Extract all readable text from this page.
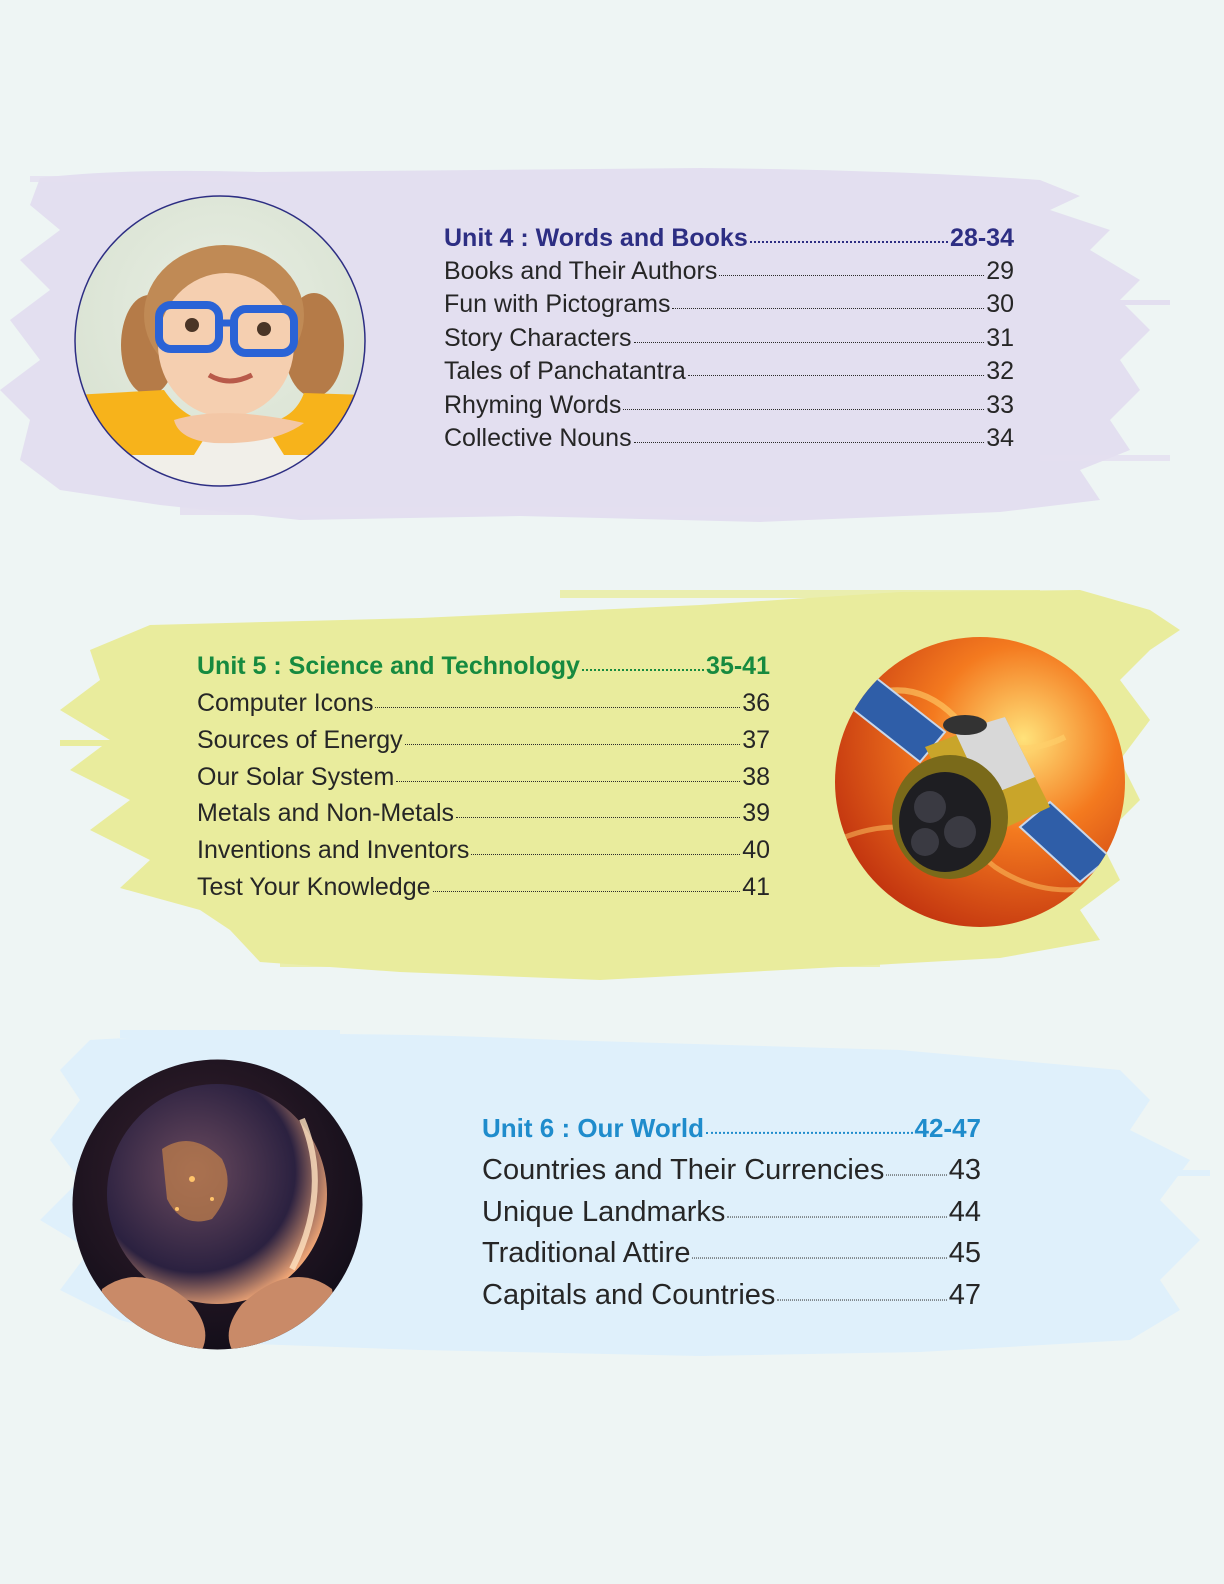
Unit 4 : Words and Books	28-34
Books and Their Authors	29
Fun with Pictograms	30
Story Characters	31
Tales of Panchatantra	32
Rhyming Words	33
Collective Nouns	34
Unit 5 : Science and Technology	35-41
Computer Icons	36
Sources of Energy	37
Our Solar System	38
Metals and Non-Metals	39
Inventions and Inventors	40
Test Your Knowledge	41
Unit 6 : Our World	42-47
Countries and Their Currencies 43
Unique Landmarks	44
Traditional Attire	45
Capitals and Countries	47
